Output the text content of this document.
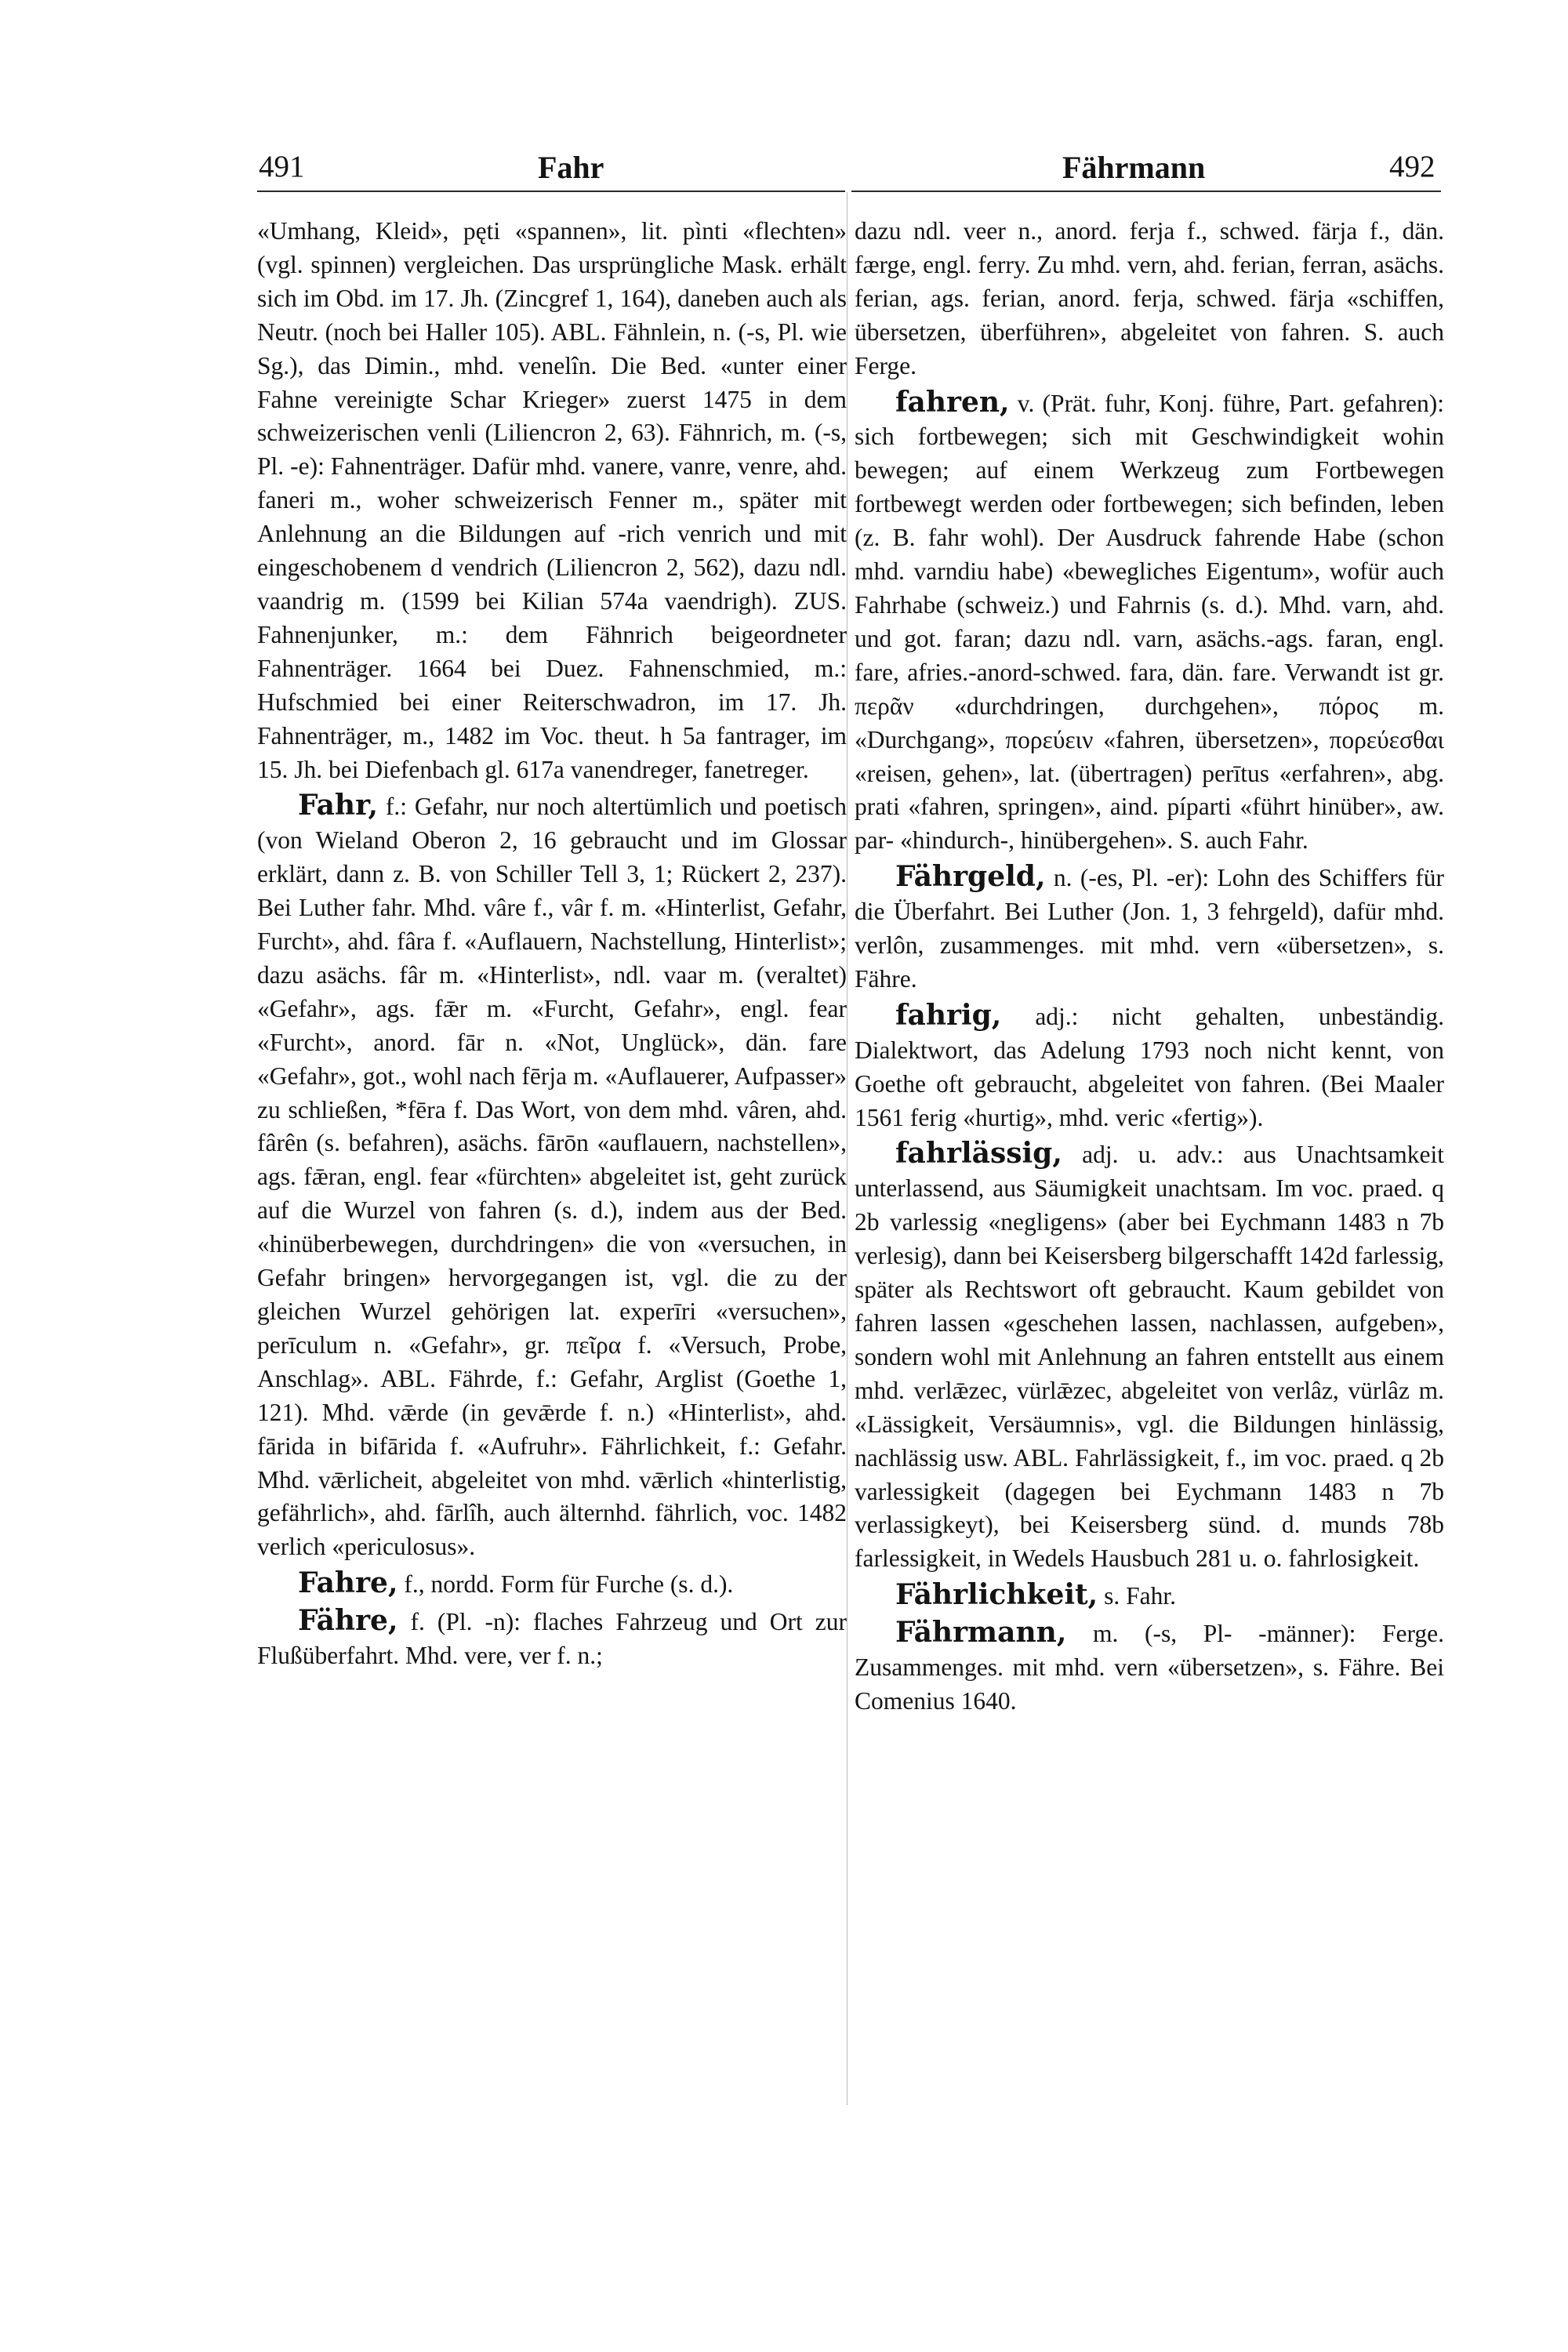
491	Fahr	Fährmann	492

«Umhang, Kleid», pęti «spannen», lit. pìnti «flechten» (vgl. spinnen) vergleichen. Das ursprüngliche Mask. erhält sich im Obd. im 17. Jh. (Zincgref 1, 164), daneben auch als Neutr. (noch bei Haller 105). ABL. Fähnlein, n. (-s, Pl. wie Sg.), das Dimin., mhd. venelîn. Die Bed. «unter einer Fahne vereinigte Schar Krieger» zuerst 1475 in dem schweizerischen venli (Liliencron 2, 63). Fähnrich, m. (-s, Pl. -e): Fahnenträger. Dafür mhd. vanere, vanre, venre, ahd. faneri m., woher schweizerisch Fenner m., später mit Anlehnung an die Bildungen auf -rich venrich und mit eingeschobenem d vendrich (Liliencron 2, 562), dazu ndl. vaandrig m. (1599 bei Kilian 574a vaendrigh). ZUS. Fahnenjunker, m.: dem Fähnrich beigeordneter Fahnenträger. 1664 bei Duez. Fahnenschmied, m.: Hufschmied bei einer Reiterschwadron, im 17. Jh. Fahnenträger, m., 1482 im Voc. theut. h 5a fantrager, im 15. Jh. bei Diefenbach gl. 617a vanendreger, fanetreger.

Fahr, f.: Gefahr, nur noch altertümlich und poetisch (von Wieland Oberon 2, 16 gebraucht und im Glossar erklärt, dann z. B. von Schiller Tell 3, 1; Rückert 2, 237). Bei Luther fahr. Mhd. vâre f., vâr f. m. «Hinterlist, Gefahr, Furcht», ahd. fâra f. «Auflauern, Nachstellung, Hinterlist»; dazu asächs. fâr m. «Hinterlist», ndl. vaar m. (veraltet) «Gefahr», ags. fǣr m. «Furcht, Gefahr», engl. fear «Furcht», anord. fār n. «Not, Unglück», dän. fare «Gefahr», got., wohl nach fērja m. «Auflauerer, Aufpasser» zu schließen, *fēra f. Das Wort, von dem mhd. vâren, ahd. fârên (s. befahren), asächs. fārōn «auflauern, nachstellen», ags. fǣran, engl. fear «fürchten» abgeleitet ist, geht zurück auf die Wurzel von fahren (s. d.), indem aus der Bed. «hinüberbewegen, durchdringen» die von «versuchen, in Gefahr bringen» hervorgegangen ist, vgl. die zu der gleichen Wurzel gehörigen lat. experīri «versuchen», perīculum n. «Gefahr», gr. πεῖρα f. «Versuch, Probe, Anschlag». ABL. Fährde, f.: Gefahr, Arglist (Goethe 1, 121). Mhd. vǣrde (in gevǣrde f. n.) «Hinterlist», ahd. fārida in bifārida f. «Aufruhr». Fährlichkeit, f.: Gefahr. Mhd. vǣrlicheit, abgeleitet von mhd. vǣrlich «hinterlistig, gefährlich», ahd. fārlîh, auch älternhd. fährlich, voc. 1482 verlich «periculosus».

Fahre, f., nordd. Form für Furche (s. d.).

Fähre, f. (Pl. -n): flaches Fahrzeug und Ort zur Flußüberfahrt. Mhd. vere, ver f. n.;

dazu ndl. veer n., anord. ferja f., schwed. färja f., dän. færge, engl. ferry. Zu mhd. vern, ahd. ferian, ferran, asächs. ferian, ags. ferian, anord. ferja, schwed. färja «schiffen, übersetzen, überführen», abgeleitet von fahren. S. auch Ferge.

fahren, v. (Prät. fuhr, Konj. führe, Part. gefahren): sich fortbewegen; sich mit Geschwindigkeit wohin bewegen; auf einem Werkzeug zum Fortbewegen fortbewegt werden oder fortbewegen; sich befinden, leben (z. B. fahr wohl). Der Ausdruck fahrende Habe (schon mhd. varndiu habe) «bewegliches Eigentum», wofür auch Fahrhabe (schweiz.) und Fahrnis (s. d.). Mhd. varn, ahd. und got. faran; dazu ndl. varn, asächs.-ags. faran, engl. fare, afries.-anord-schwed. fara, dän. fare. Verwandt ist gr. περᾶν «durchdringen, durchgehen», πόρος m. «Durchgang», πορεύειν «fahren, übersetzen», πορεύεσθαι «reisen, gehen», lat. (übertragen) perītus «erfahren», abg. prati «fahren, springen», aind. píparti «führt hinüber», aw. par- «hindurch-, hinübergehen». S. auch Fahr.

Fährgeld, n. (-es, Pl. -er): Lohn des Schiffers für die Überfahrt. Bei Luther (Jon. 1, 3 fehrgeld), dafür mhd. verlôn, zusammenges. mit mhd. vern «übersetzen», s. Fähre.

fahrig, adj.: nicht gehalten, unbeständig. Dialektwort, das Adelung 1793 noch nicht kennt, von Goethe oft gebraucht, abgeleitet von fahren. (Bei Maaler 1561 ferig «hurtig», mhd. veric «fertig»).

fahrlässig, adj. u. adv.: aus Unachtsamkeit unterlassend, aus Säumigkeit unachtsam. Im voc. praed. q 2b varlessig «negligens» (aber bei Eychmann 1483 n 7b verlesig), dann bei Keisersberg bilgerschafft 142d farlessig, später als Rechtswort oft gebraucht. Kaum gebildet von fahren lassen «geschehen lassen, nachlassen, aufgeben», sondern wohl mit Anlehnung an fahren entstellt aus einem mhd. verlǣzec, vürlǣzec, abgeleitet von verlâz, vürlâz m. «Lässigkeit, Versäumnis», vgl. die Bildungen hinlässig, nachlässig usw. ABL. Fahrlässigkeit, f., im voc. praed. q 2b varlessigkeit (dagegen bei Eychmann 1483 n 7b verlassigkeyt), bei Keisersberg sünd. d. munds 78b farlessigkeit, in Wedels Hausbuch 281 u. o. fahrlosigkeit.

Fährlichkeit, s. Fahr.

Fährmann, m. (-s, Pl- -männer): Ferge. Zusammenges. mit mhd. vern «übersetzen», s. Fähre. Bei Comenius 1640.
